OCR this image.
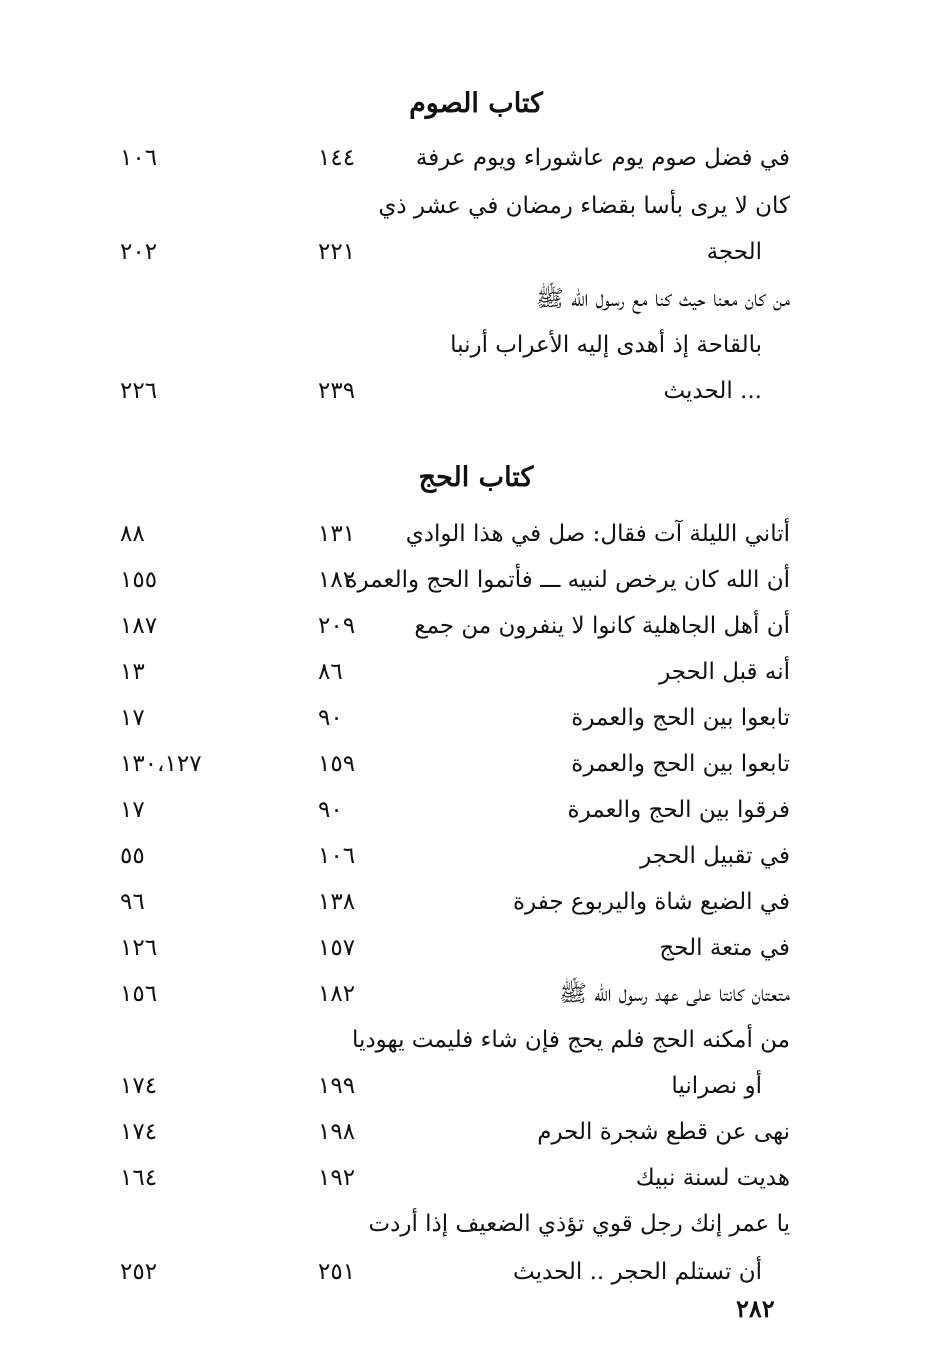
كتاب الصوم
في فضل صوم يوم عاشوراء ويوم عرفة
١٤٤
١٠٦
كان لا يرى بأسا بقضاء رمضان في عشر ذي
الحجة
٢٢١
٢٠٢
من كان معنا حيث كنا مع رسول الله ﷺ
بالقاحة إذ أهدى إليه الأعراب أرنبا
... الحديث
٢٣٩
٢٢٦
كتاب الحج
أتاني الليلة آت فقال: صل في هذا الوادي
١٣١
٨٨
أن الله كان يرخص لنبيه ـــ فأتموا الحج والعمرة
١٨٢
١٥٥
أن أهل الجاهلية كانوا لا ينفرون من جمع
٢٠٩
١٨٧
أنه قبل الحجر
٨٦
١٣
تابعوا بين الحج والعمرة
٩٠
١٧
تابعوا بين الحج والعمرة
١٥٩
١٣٠،١٢٧
فرقوا بين الحج والعمرة
٩٠
١٧
في تقبيل الحجر
١٠٦
٥٥
في الضبع شاة واليربوع جفرة
١٣٨
٩٦
في متعة الحج
١٥٧
١٢٦
متعتان كانتا على عهد رسول الله ﷺ
١٨٢
١٥٦
من أمكنه الحج فلم يحج فإن شاء فليمت يهوديا
أو نصرانيا
١٩٩
١٧٤
نهى عن قطع شجرة الحرم
١٩٨
١٧٤
هديت لسنة نبيك
١٩٢
١٦٤
يا عمر إنك رجل قوي تؤذي الضعيف إذا أردت
أن تستلم الحجر .. الحديث
٢٥١
٢٥٢
٢٨٢
